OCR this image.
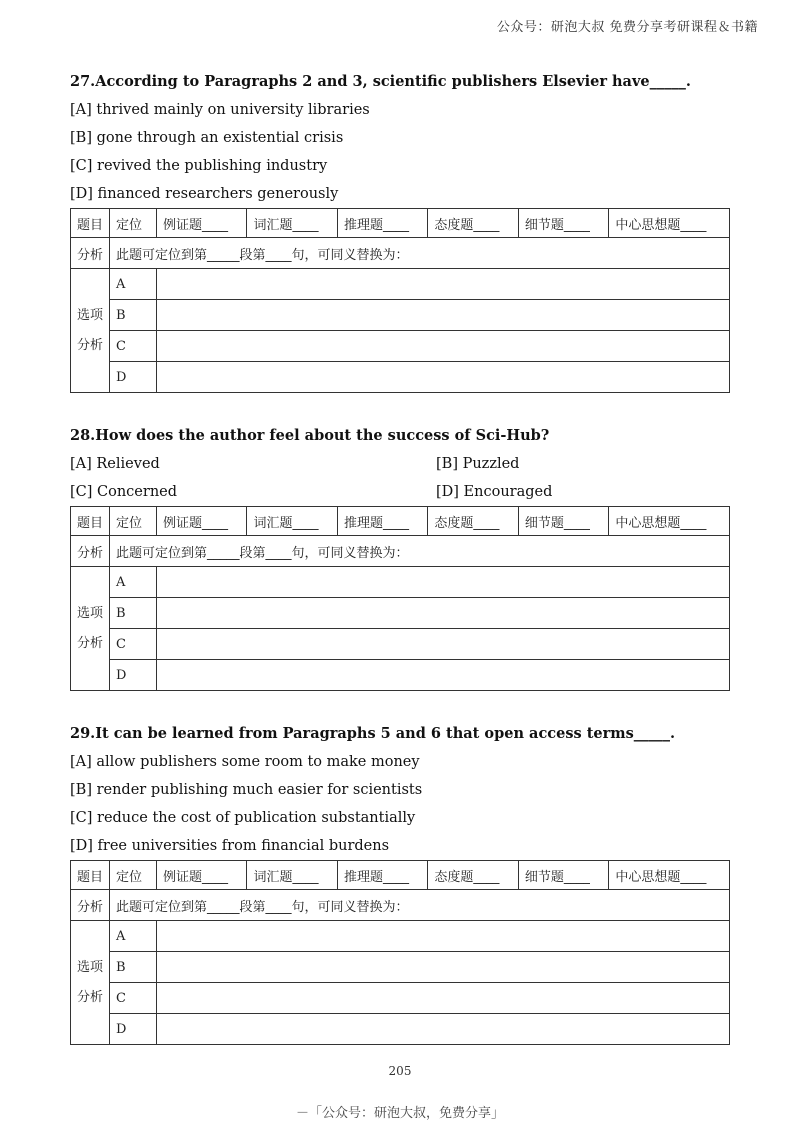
公众号：研泡大叔 免费分享考研课程＆书籍

27.According to Paragraphs 2 and 3, scientific publishers Elsevier have_____.

[A] thrived mainly on university libraries
[B] gone through an existential crisis
[C] revived the publishing industry
[D] financed researchers generously
题目	定位	例证题____	词汇题____	推理题____	态度题____	细节题____	中心思想题____
分析	此题可定位到第_____段第____句，可同义替换为：						
选项
分析	A						
	B						
	C						
	D						

28.How does the author feel about the success of Sci-Hub?

[A] Relieved	[B] Puzzled
[C] Concerned	[D] Encouraged
题目	定位	例证题____	词汇题____	推理题____	态度题____	细节题____	中心思想题____
分析	此题可定位到第_____段第____句，可同义替换为：						
选项
分析	A						
	B						
	C						
	D						

29.It can be learned from Paragraphs 5 and 6 that open access terms_____.

[A] allow publishers some room to make money
[B] render publishing much easier for scientists
[C] reduce the cost of publication substantially
[D] free universities from financial burdens
题目	定位	例证题____	词汇题____	推理题____	态度题____	细节题____	中心思想题____
分析	此题可定位到第_____段第____句，可同义替换为：						
选项
分析	A						
	B						
	C						
	D						
205
－「公众号：研泡大叔，免费分享」
